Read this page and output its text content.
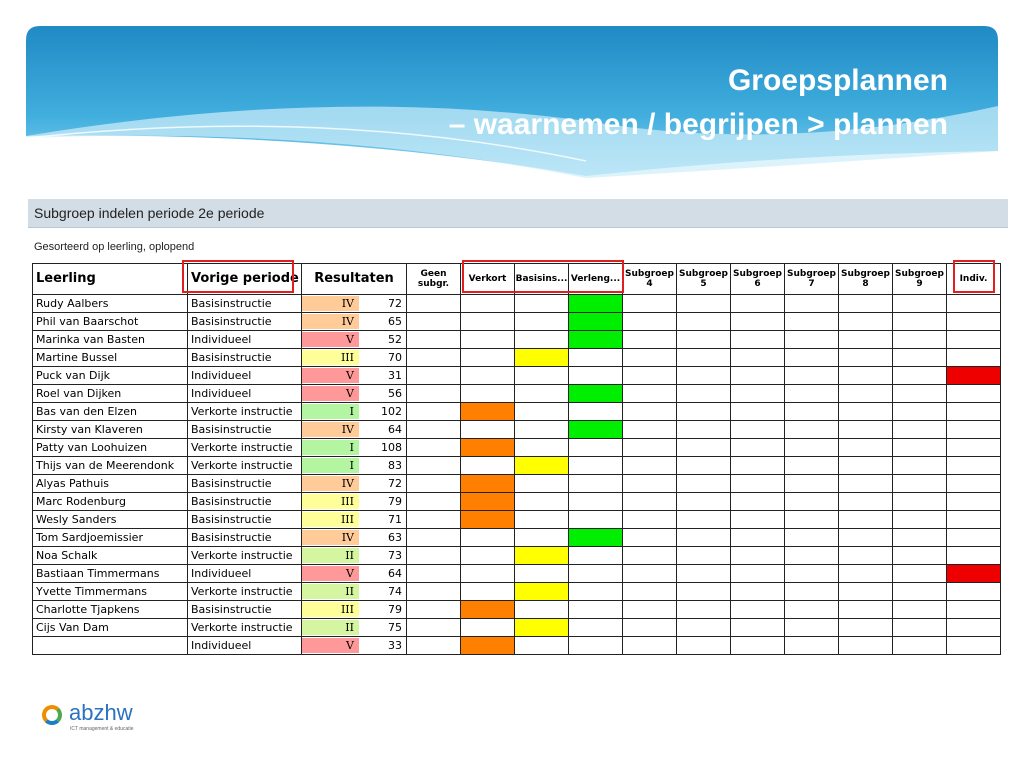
Groepsplannen
– waarnemen / begrijpen > plannen
Subgroep indelen periode 2e periode
Gesorteerd op leerling, oplopend
Leerling	Vorige periode	Resultaten	Geen subgr.	Verkort	Basisins...	Verleng...	Subgroep 4	Subgroep 5	Subgroep 6	Subgroep 7	Subgroep 8	Subgroep 9	Indiv.
Rudy Aalbers	Basisinstructie	IV 72											

Phil van Baarschot	Basisinstructie	IV 65											

Marinka van Basten	Individueel	V 52											

Martine Bussel	Basisinstructie	III 70											

Puck van Dijk	Individueel	V 31											

Roel van Dijken	Individueel	V 56											

Bas van den Elzen	Verkorte instructie	I 102											

Kirsty van Klaveren	Basisinstructie	IV 64											

Patty van Loohuizen	Verkorte instructie	I 108											

Thijs van de Meerendonk	Verkorte instructie	I 83											

Alyas Pathuis	Basisinstructie	IV 72											

Marc Rodenburg	Basisinstructie	III 79											

Wesly Sanders	Basisinstructie	III 71											

Tom Sardjoemissier	Basisinstructie	IV 63											

Noa Schalk	Verkorte instructie	II 73											

Bastiaan Timmermans	Individueel	V 64											

Yvette Timmermans	Verkorte instructie	II 74											

Charlotte Tjapkens	Basisinstructie	III 79											

Cijs Van Dam	Verkorte instructie	II 75											

	Individueel	V 33											

abzhw
ICT management & educatie
